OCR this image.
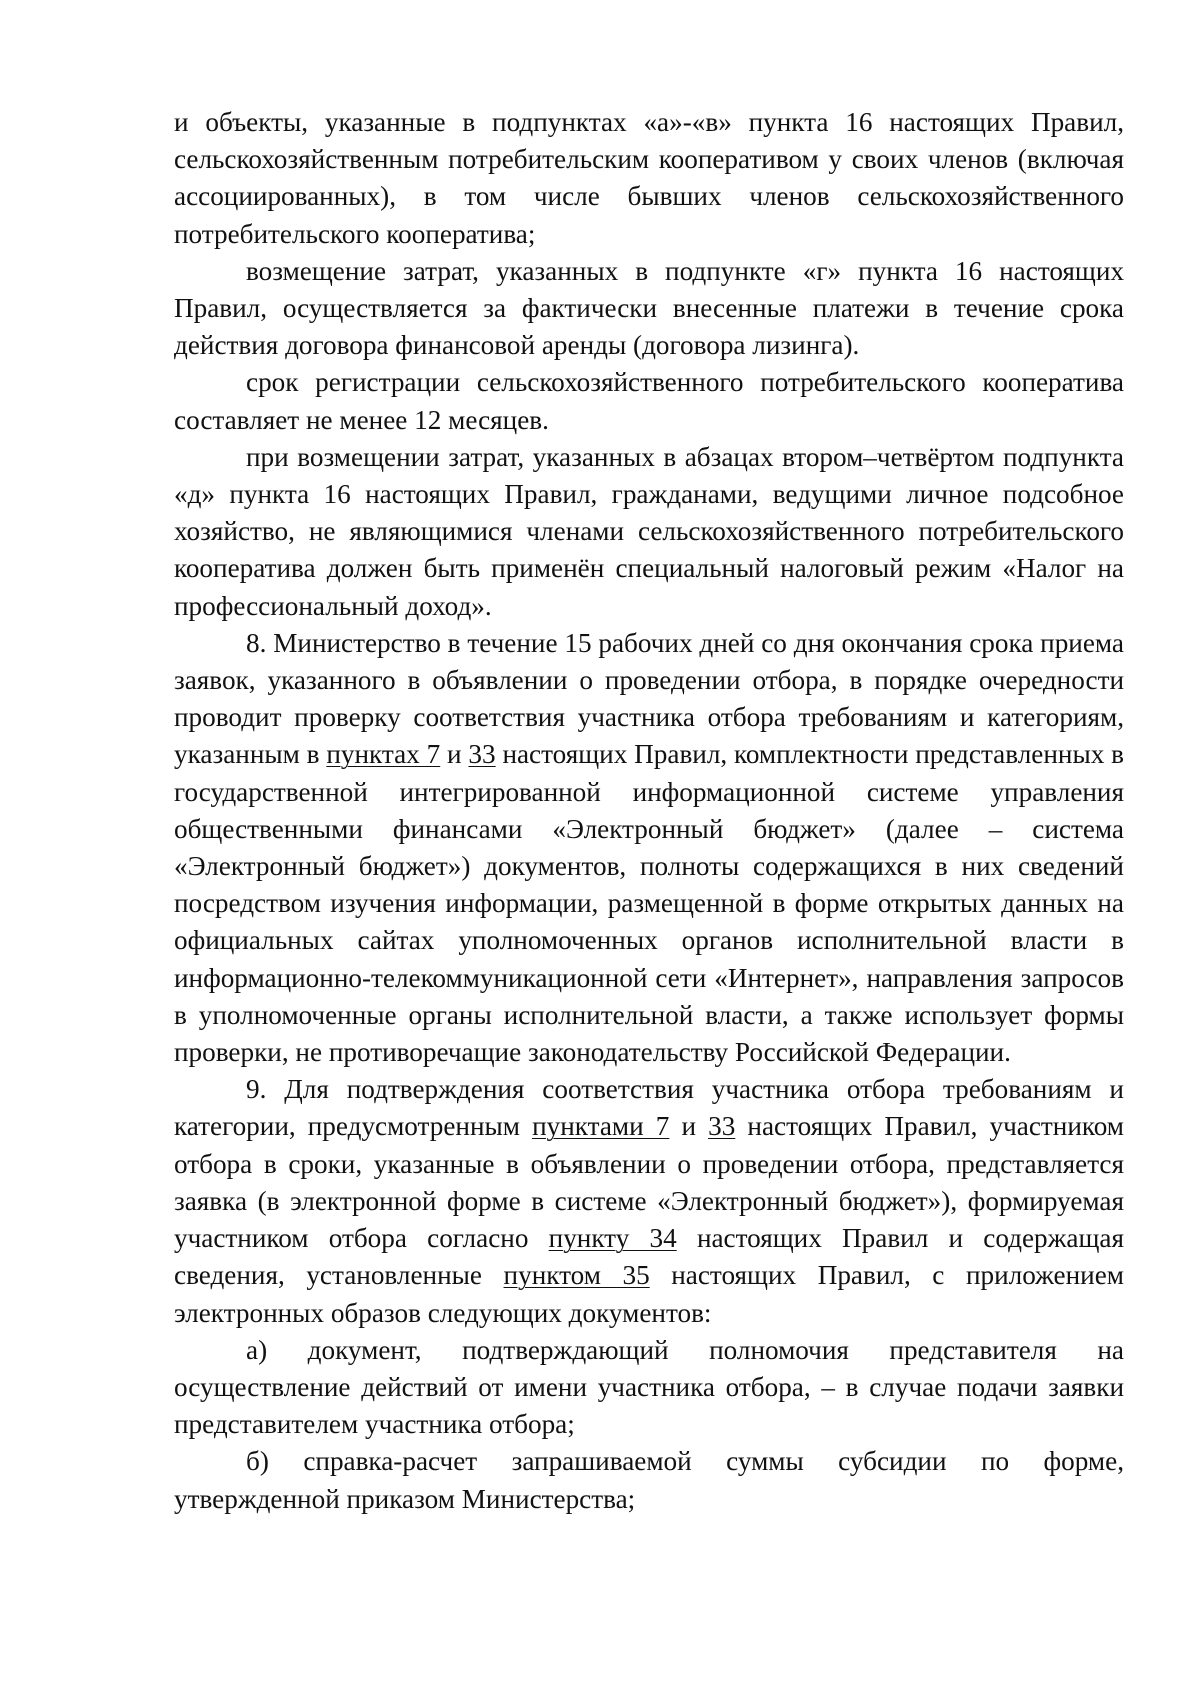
и объекты, указанные в подпунктах «а»-«в» пункта 16 настоящих Правил, сельскохозяйственным потребительским кооперативом у своих членов (включая ассоциированных), в том числе бывших членов сельскохозяйственного потребительского кооператива;

возмещение затрат, указанных в подпункте «г» пункта 16 настоящих Правил, осуществляется за фактически внесенные платежи в течение срока действия договора финансовой аренды (договора лизинга).

срок регистрации сельскохозяйственного потребительского кооператива составляет не менее 12 месяцев.

при возмещении затрат, указанных в абзацах втором–четвёртом подпункта «д» пункта 16 настоящих Правил, гражданами, ведущими личное подсобное хозяйство, не являющимися членами сельскохозяйственного потребительского кооператива должен быть применён специальный налоговый режим «Налог на профессиональный доход».

8. Министерство в течение 15 рабочих дней со дня окончания срока приема заявок, указанного в объявлении о проведении отбора, в порядке очередности проводит проверку соответствия участника отбора требованиям и категориям, указанным в пунктах 7 и 33 настоящих Правил, комплектности представленных в государственной интегрированной информационной системе управления общественными финансами «Электронный бюджет» (далее – система «Электронный бюджет») документов, полноты содержащихся в них сведений посредством изучения информации, размещенной в форме открытых данных на официальных сайтах уполномоченных органов исполнительной власти в информационно-телекоммуникационной сети «Интернет», направления запросов в уполномоченные органы исполнительной власти, а также использует формы проверки, не противоречащие законодательству Российской Федерации.

9. Для подтверждения соответствия участника отбора требованиям и категории, предусмотренным пунктами 7 и 33 настоящих Правил, участником отбора в сроки, указанные в объявлении о проведении отбора, представляется заявка (в электронной форме в системе «Электронный бюджет»), формируемая участником отбора согласно пункту 34 настоящих Правил и содержащая сведения, установленные пунктом 35 настоящих Правил, с приложением электронных образов следующих документов:

а) документ, подтверждающий полномочия представителя на осуществление действий от имени участника отбора, – в случае подачи заявки представителем участника отбора;

б) справка-расчет запрашиваемой суммы субсидии по форме, утвержденной приказом Министерства;
